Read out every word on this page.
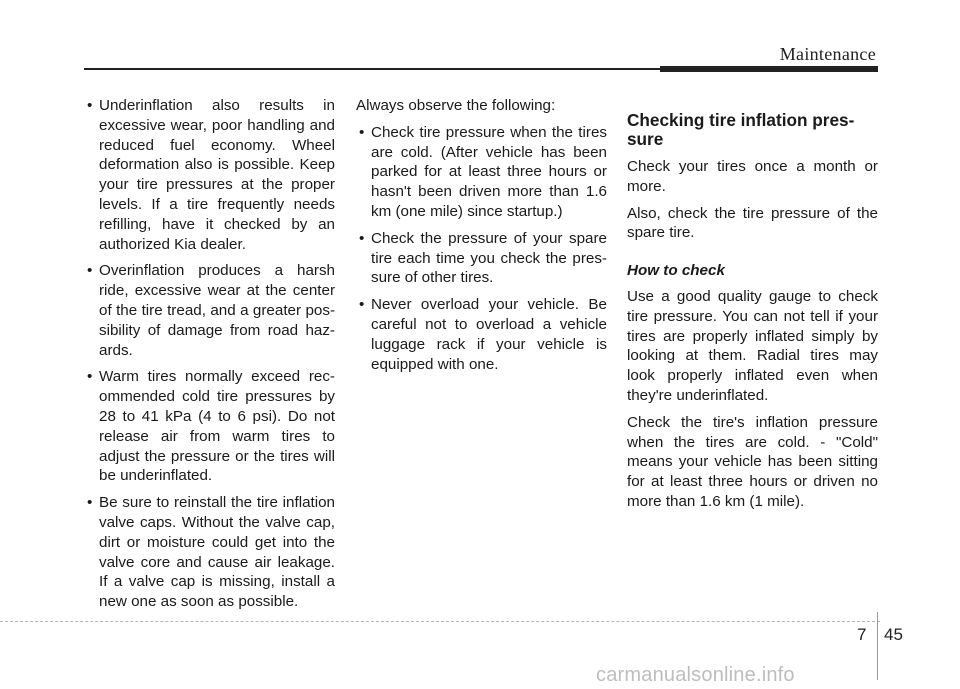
Maintenance
• Underinflation also results in excessive wear, poor handling and reduced fuel economy. Wheel deformation also is possible. Keep your tire pressures at the proper levels. If a tire frequently needs refilling, have it checked by an authorized Kia dealer.
• Overinflation produces a harsh ride, excessive wear at the center of the tire tread, and a greater pos-sibility of damage from road haz-ards.
• Warm tires normally exceed rec-ommended cold tire pressures by 28 to 41 kPa (4 to 6 psi). Do not release air from warm tires to adjust the pressure or the tires will be underinflated.
• Be sure to reinstall the tire inflation valve caps. Without the valve cap, dirt or moisture could get into the valve core and cause air leakage. If a valve cap is missing, install a new one as soon as possible.

Always observe the following:

• Check tire pressure when the tires are cold. (After vehicle has been parked for at least three hours or hasn't been driven more than 1.6 km (one mile) since startup.)
• Check the pressure of your spare tire each time you check the pres-sure of other tires.
• Never overload your vehicle. Be careful not to overload a vehicle luggage rack if your vehicle is equipped with one.
Checking tire inflation pres-sure

Check your tires once a month or more.

Also, check the tire pressure of the spare tire.

How to check

Use a good quality gauge to check tire pressure. You can not tell if your tires are properly inflated simply by looking at them. Radial tires may look properly inflated even when they're underinflated.

Check the tire's inflation pressure when the tires are cold. - "Cold" means your vehicle has been sitting for at least three hours or driven no more than 1.6 km (1 mile).

7 45
carmanualsonline.info
